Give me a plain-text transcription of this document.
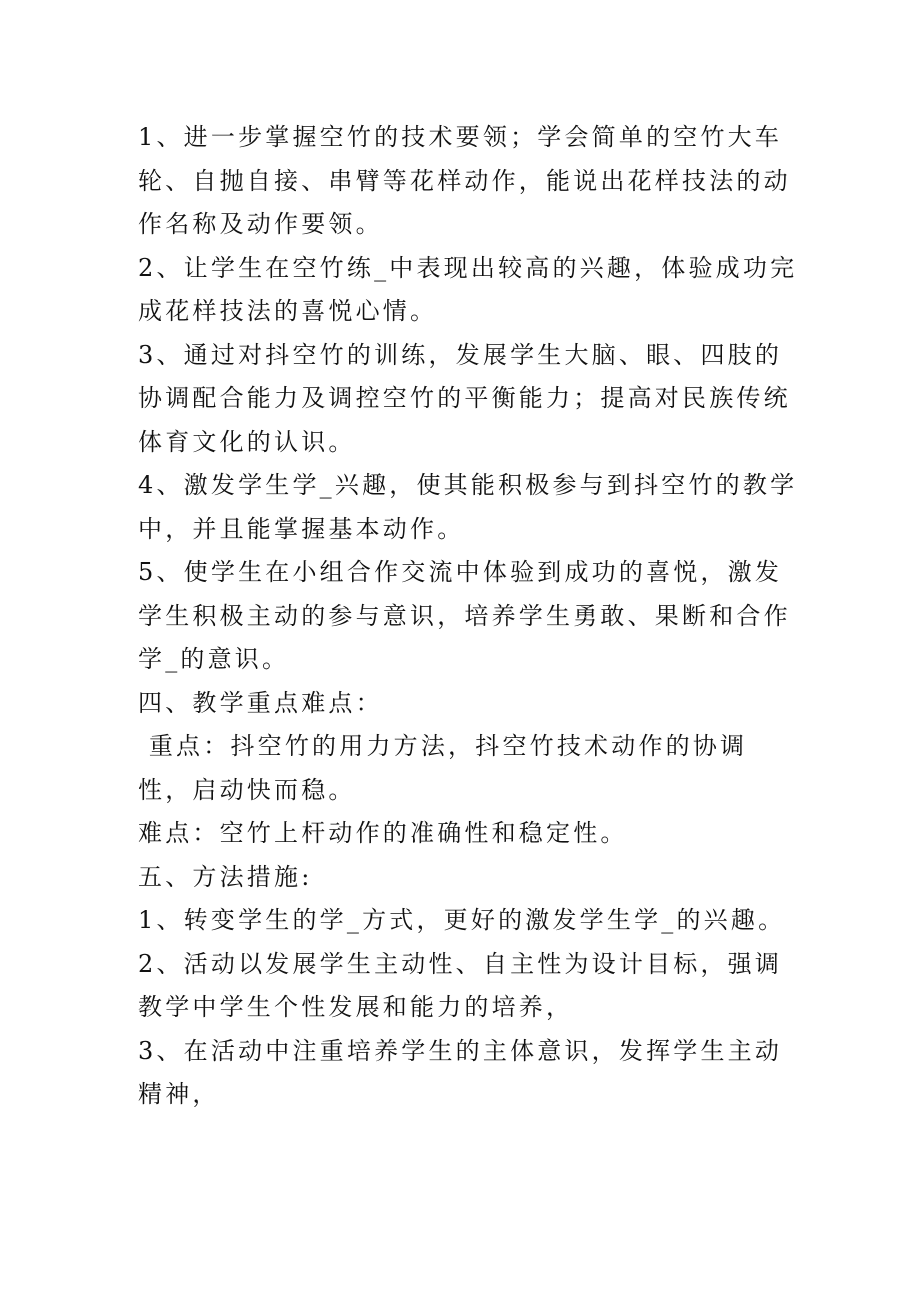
1、进一步掌握空竹的技术要领；学会简单的空竹大车轮、自抛自接、串臂等花样动作，能说出花样技法的动作名称及动作要领。

2、让学生在空竹练_中表现出较高的兴趣，体验成功完成花样技法的喜悦心情。

3、通过对抖空竹的训练，发展学生大脑、眼、四肢的协调配合能力及调控空竹的平衡能力；提高对民族传统体育文化的认识。

4、激发学生学_兴趣，使其能积极参与到抖空竹的教学中，并且能掌握基本动作。

5、使学生在小组合作交流中体验到成功的喜悦，激发学生积极主动的参与意识，培养学生勇敢、果断和合作学_的意识。

四、教学重点难点：

重点：抖空竹的用力方法，抖空竹技术动作的协调性，启动快而稳。

难点：空竹上杆动作的准确性和稳定性。

五、方法措施:

1、转变学生的学_方式，更好的激发学生学_的兴趣。

2、活动以发展学生主动性、自主性为设计目标，强调教学中学生个性发展和能力的培养，

3、在活动中注重培养学生的主体意识，发挥学生主动精神，
